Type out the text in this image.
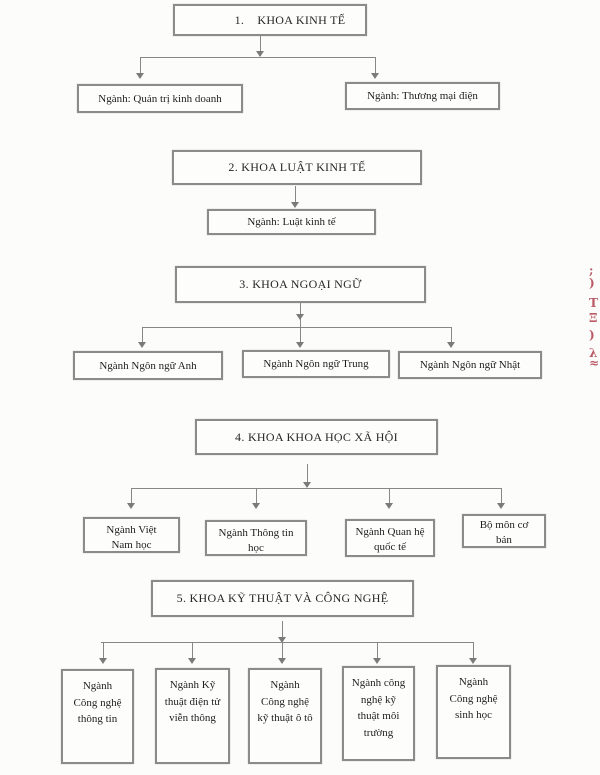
1.    KHOA KINH TẾ
Ngành: Quản trị kinh doanh	Ngành: Thương mại điện
2. KHOA LUẬT KINH TẾ
Ngành: Luật kinh tế
3. KHOA NGOẠI NGỮ
Ngành Ngôn ngữ Anh	Ngành Ngôn ngữ Trung	Ngành Ngôn ngữ Nhật
4. KHOA KHOA HỌC XÃ HỘI
Ngành Việt
Nam học
Ngành Thông tin
học
Ngành Quan hệ
quốc tế
Bộ môn cơ
bản
5. KHOA KỸ THUẬT VÀ CÔNG NGHỆ
Ngành
Công nghệ
thông tin
Ngành Kỹ
thuật điện tử
viễn thông
Ngành
Công nghệ
kỹ thuật ô tô
Ngành công
nghệ kỹ
thuật môi
trường
Ngành
Công nghệ
sinh học
;
)
T
Ξ
)
λ
≈
